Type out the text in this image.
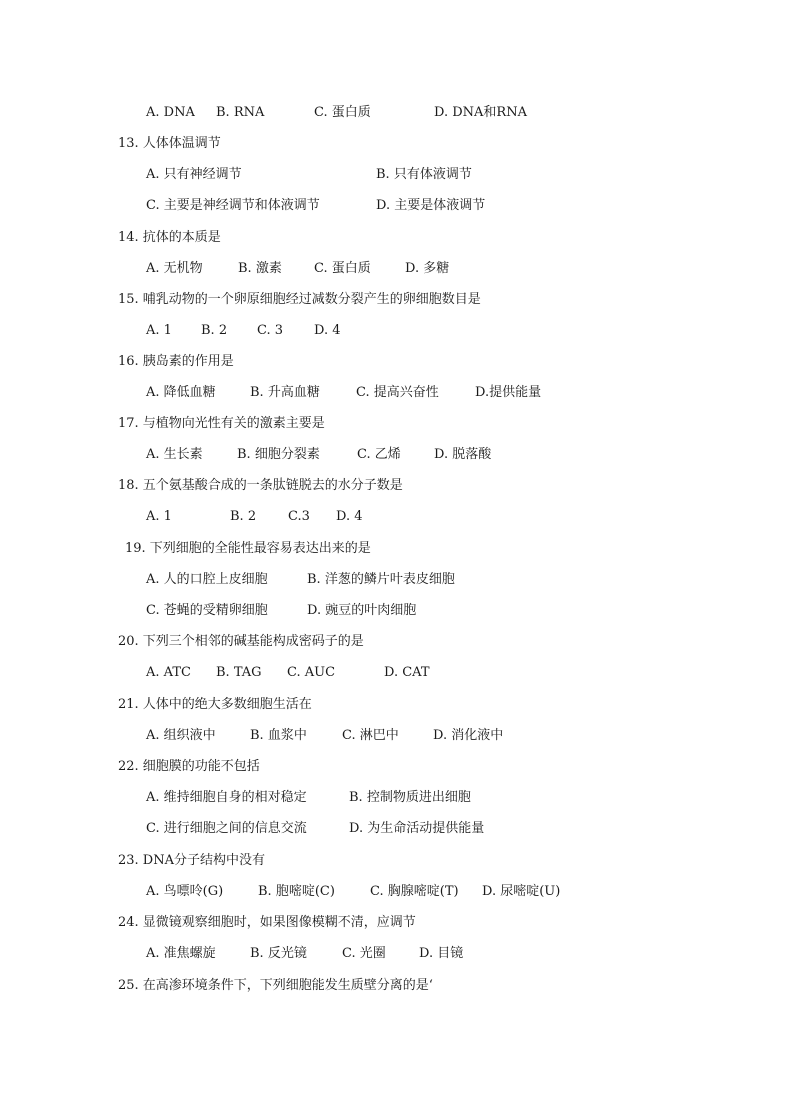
A. DNA

B. RNA

	C. 蛋白质

	D. DNA和RNA

13. 人体体温调节

A. 只有神经调节

	B. 只有体液调节

C. 主要是神经调节和体液调节

	D. 主要是体液调节

14. 抗体的本质是

A. 无机物

	B. 激素

C. 蛋白质

	D. 多糖

15. 哺乳动物的一个卵原细胞经过减数分裂产生的卵细胞数目是

A. 1

B. 2

C. 3

D. 4

16. 胰岛素的作用是

A. 降低血糖

	B. 升高血糖

	C. 提高兴奋性

	D.提供能量

17. 与植物向光性有关的激素主要是

A. 生长素

	B. 细胞分裂素

	C. 乙烯

	D. 脱落酸

18. 五个氨基酸合成的一条肽链脱去的水分子数是

A. 1

	B. 2

C.3

D. 4

19. 下列细胞的全能性最容易表达出来的是

A. 人的口腔上皮细胞

	B. 洋葱的鳞片叶表皮细胞

C. 苍蝇的受精卵细胞

	D. 豌豆的叶肉细胞

20. 下列三个相邻的碱基能构成密码子的是

A. ATC

B. TAG

C. AUC

	D. CAT

21. 人体中的绝大多数细胞生活在

A. 组织液中

	B. 血浆中

	C. 淋巴中

	D. 消化液中

22. 细胞膜的功能不包括

A. 维持细胞自身的相对稳定

	B. 控制物质进出细胞

C. 进行细胞之间的信息交流

	D. 为生命活动提供能量

23. DNA分子结构中没有

A. 鸟嘌呤(G)

	B. 胞嘧啶(C)

	C. 胸腺嘧啶(T)

D. 尿嘧啶(U)

24. 显微镜观察细胞时，如果图像模糊不清，应调节

A. 准焦螺旋

	B. 反光镜

	C. 光圈

	D. 目镜

25. 在高渗环境条件下，下列细胞能发生质壁分离的是‘
